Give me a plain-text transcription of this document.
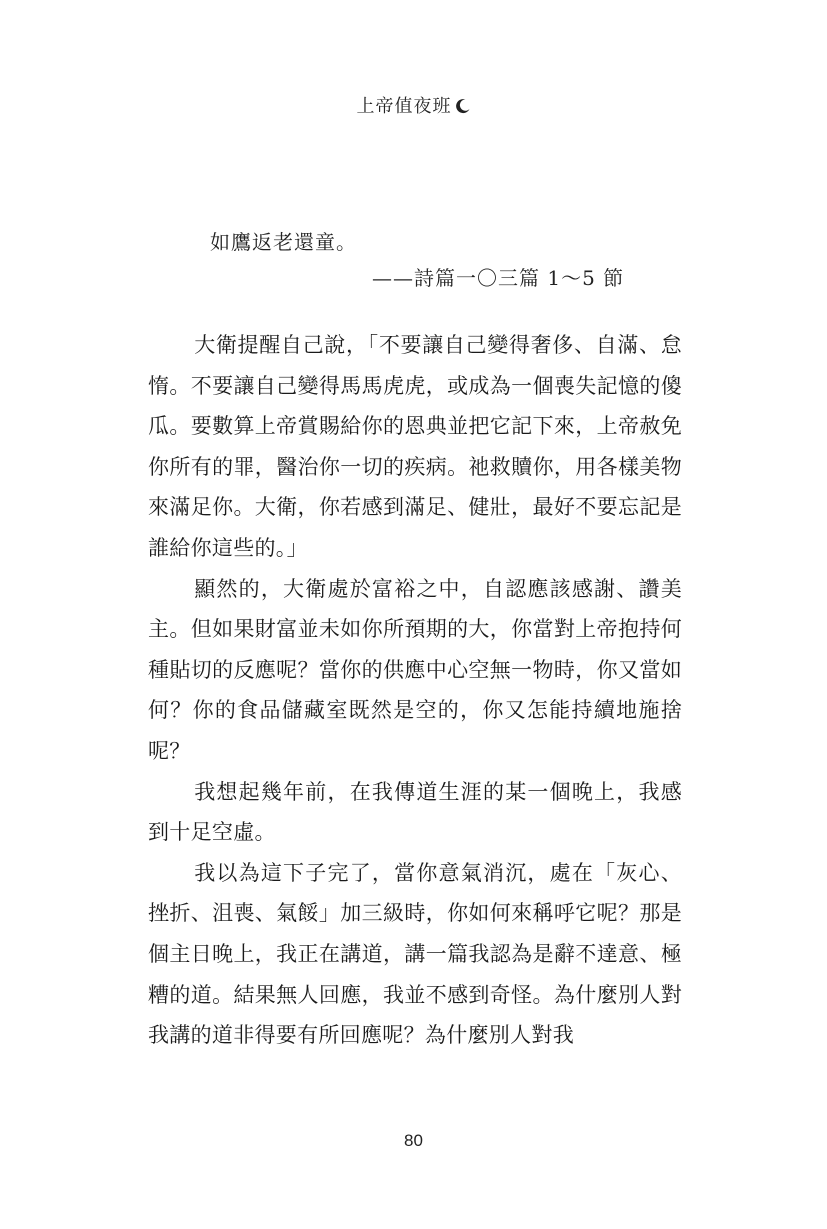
上帝值夜班
如鷹返老還童。
——詩篇一〇三篇 1～5 節

大衛提醒自己說，「不要讓自己變得奢侈、自滿、怠惰。不要讓自己變得馬馬虎虎，或成為一個喪失記憶的傻瓜。要數算上帝賞賜給你的恩典並把它記下來，上帝赦免你所有的罪，醫治你一切的疾病。祂救贖你，用各樣美物來滿足你。大衛，你若感到滿足、健壯，最好不要忘記是誰給你這些的。」

顯然的，大衛處於富裕之中，自認應該感謝、讚美主。但如果財富並未如你所預期的大，你當對上帝抱持何種貼切的反應呢？當你的供應中心空無一物時，你又當如何？你的食品儲藏室既然是空的，你又怎能持續地施捨呢？

我想起幾年前，在我傳道生涯的某一個晚上，我感到十足空虛。

我以為這下子完了，當你意氣消沉，處在「灰心、挫折、沮喪、氣餒」加三級時，你如何來稱呼它呢？那是個主日晚上，我正在講道，講一篇我認為是辭不達意、極糟的道。結果無人回應，我並不感到奇怪。為什麼別人對我講的道非得要有所回應呢？為什麼別人對我

80
